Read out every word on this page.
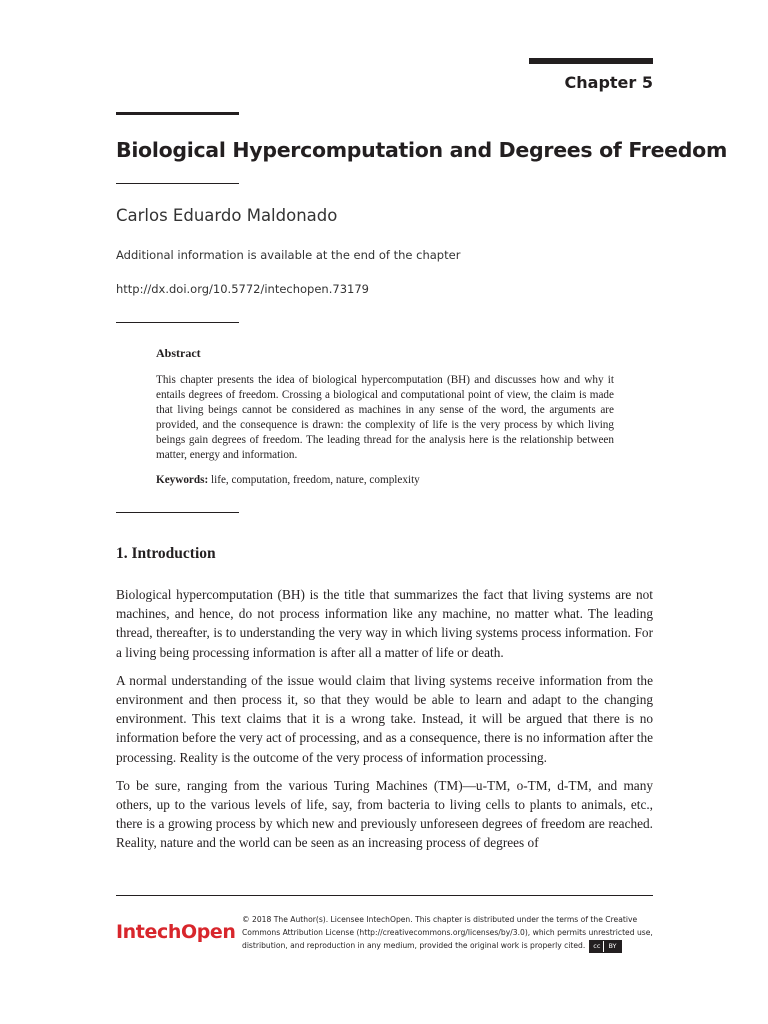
Chapter 5
Biological Hypercomputation and Degrees of Freedom
Carlos Eduardo Maldonado
Additional information is available at the end of the chapter
http://dx.doi.org/10.5772/intechopen.73179
Abstract
This chapter presents the idea of biological hypercomputation (BH) and discusses how and why it entails degrees of freedom. Crossing a biological and computational point of view, the claim is made that living beings cannot be considered as machines in any sense of the word, the arguments are provided, and the consequence is drawn: the complexity of life is the very process by which living beings gain degrees of freedom. The leading thread for the analysis here is the relationship between matter, energy and information.
Keywords: life, computation, freedom, nature, complexity
1. Introduction

Biological hypercomputation (BH) is the title that summarizes the fact that living systems are not machines, and hence, do not process information like any machine, no matter what. The leading thread, thereafter, is to understanding the very way in which living systems process information. For a living being processing information is after all a matter of life or death.

A normal understanding of the issue would claim that living systems receive information from the environment and then process it, so that they would be able to learn and adapt to the changing environment. This text claims that it is a wrong take. Instead, it will be argued that there is no information before the very act of processing, and as a consequence, there is no information after the processing. Reality is the outcome of the very process of information processing.

To be sure, ranging from the various Turing Machines (TM)—u-TM, o-TM, d-TM, and many others, up to the various levels of life, say, from bacteria to living cells to plants to animals, etc., there is a growing process by which new and previously unforeseen degrees of freedom are reached. Reality, nature and the world can be seen as an increasing process of degrees of

IntechOpen
© 2018 The Author(s). Licensee IntechOpen. This chapter is distributed under the terms of the Creative Commons Attribution License (http://creativecommons.org/licenses/by/3.0), which permits unrestricted use, distribution, and reproduction in any medium, provided the original work is properly cited.	cc	BY
